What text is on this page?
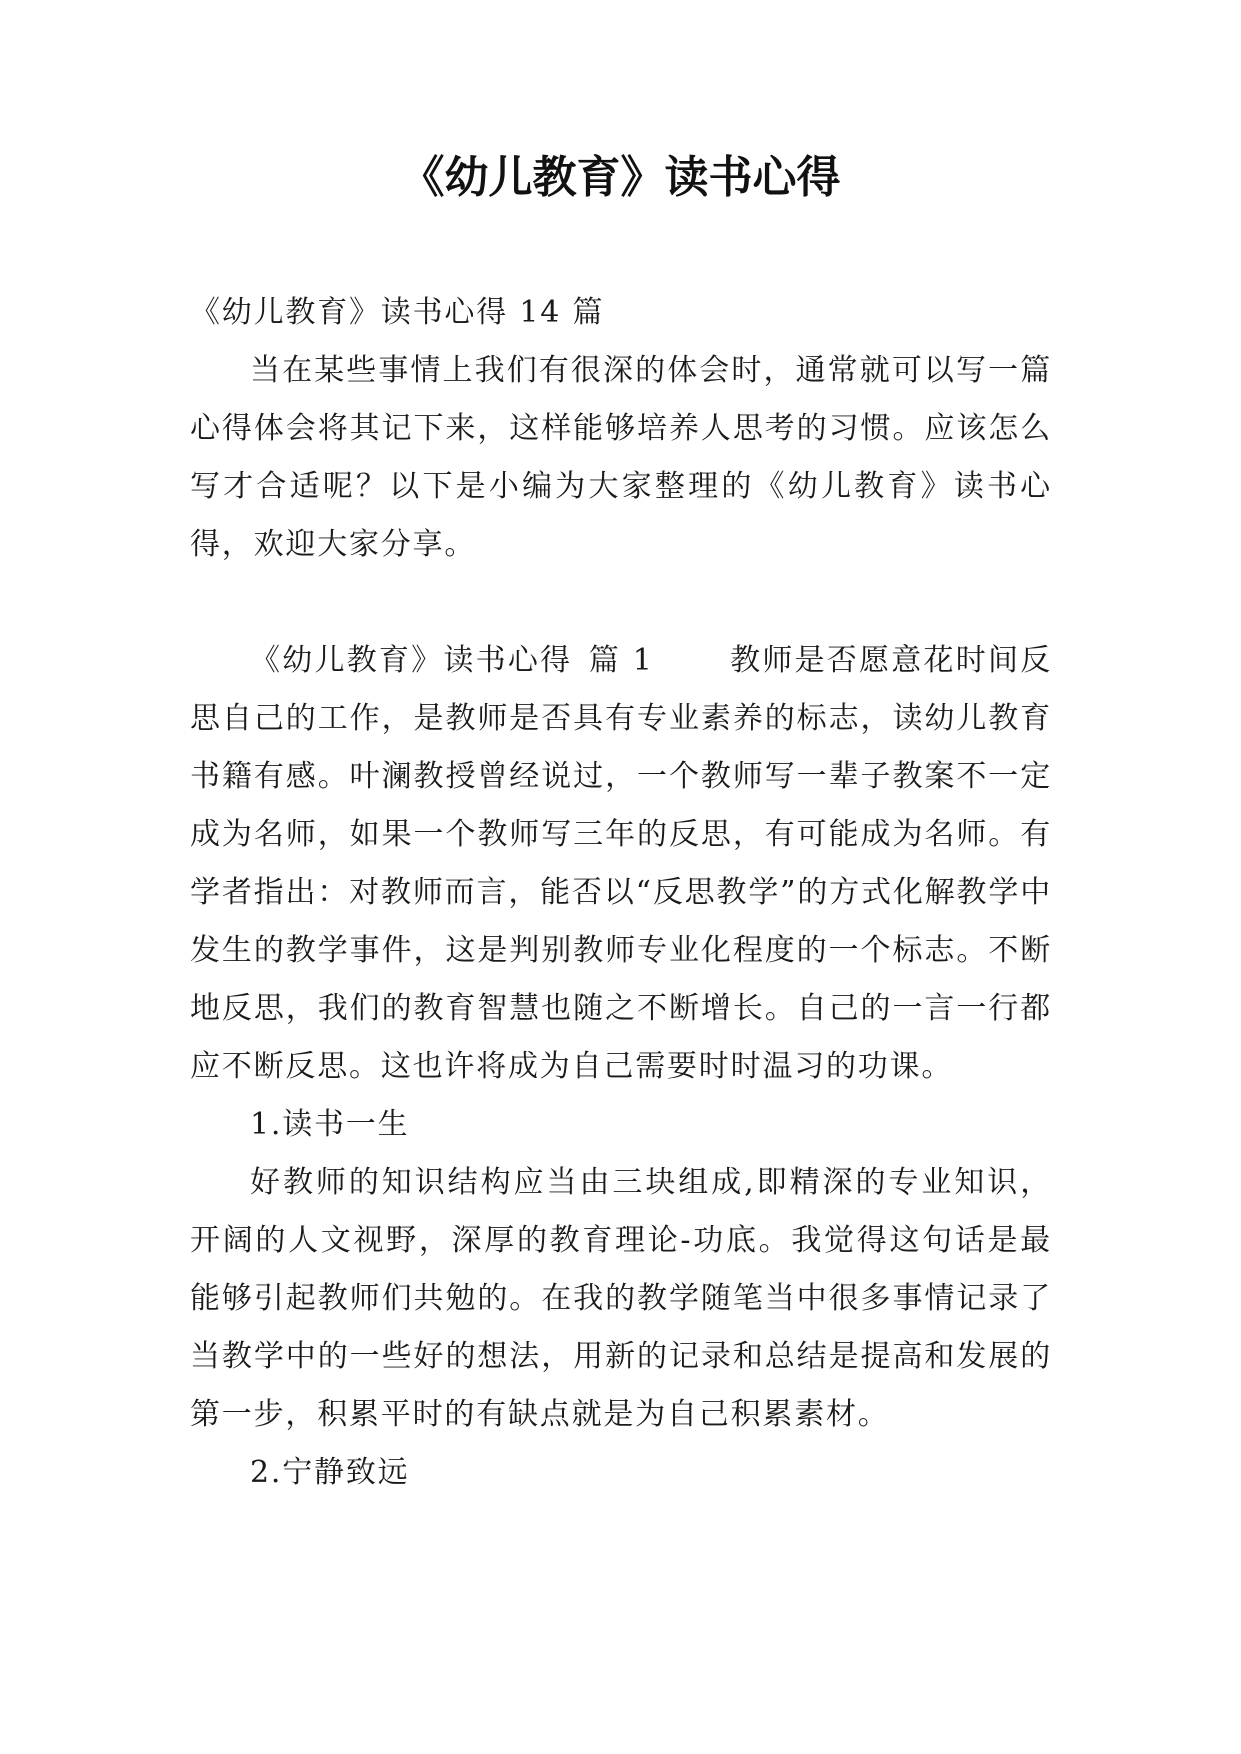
《幼儿教育》读书心得

《幼儿教育》读书心得 14 篇

当在某些事情上我们有很深的体会时，通常就可以写一篇心得体会将其记下来，这样能够培养人思考的习惯。应该怎么写才合适呢？以下是小编为大家整理的《幼儿教育》读书心得，欢迎大家分享。

《幼儿教育》读书心得 篇 1	教师是否愿意花时间反思自己的工作，是教师是否具有专业素养的标志，读幼儿教育书籍有感。叶澜教授曾经说过，一个教师写一辈子教案不一定成为名师，如果一个教师写三年的反思，有可能成为名师。有学者指出：对教师而言，能否以“反思教学”的方式化解教学中发生的教学事件，这是判别教师专业化程度的一个标志。不断地反思，我们的教育智慧也随之不断增长。自己的一言一行都应不断反思。这也许将成为自己需要时时温习的功课。

1.读书一生

好教师的知识结构应当由三块组成,即精深的专业知识，开阔的人文视野，深厚的教育理论-功底。我觉得这句话是最能够引起教师们共勉的。在我的教学随笔当中很多事情记录了当教学中的一些好的想法，用新的记录和总结是提高和发展的第一步，积累平时的有缺点就是为自己积累素材。

2.宁静致远
